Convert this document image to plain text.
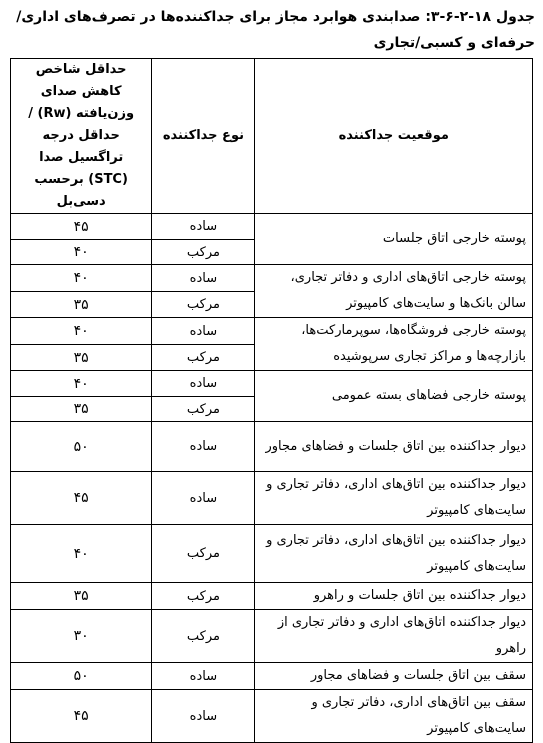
جدول ۱۸-۲-۶-۳: صدابندی هوابرد مجاز برای جداکننده‌ها در تصرف‌های اداری/حرفه‌ای و کسبی/تجاری
موقعیت جداکننده	نوع جداکننده	حداقل شاخص کاهش صدای وزن‌یافته (Rw) / حداقل درجه تراگسیل صدا (STC) برحسب دسی‌بل
پوسته خارجی اتاق جلسات	ساده	۴۵
	مرکب	۴۰
پوسته خارجی اتاق‌های اداری و دفاتر تجاری، سالن بانک‌ها و سایت‌های کامپیوتر	ساده	۴۰
	مرکب	۳۵
پوسته خارجی فروشگاه‌ها، سوپرمارکت‌ها، بازارچه‌ها و مراکز تجاری سرپوشیده	ساده	۴۰
	مرکب	۳۵
پوسته خارجی فضاهای بسته عمومی	ساده	۴۰
	مرکب	۳۵
دیوار جداکننده بین اتاق جلسات و فضاهای مجاور	ساده	۵۰
دیوار جداکننده بین اتاق‌های اداری، دفاتر تجاری و سایت‌های کامپیوتر	ساده	۴۵
دیوار جداکننده بین اتاق‌های اداری، دفاتر تجاری و سایت‌های کامپیوتر	مرکب	۴۰
دیوار جداکننده بین اتاق جلسات و راهرو	مرکب	۳۵
دیوار جداکننده اتاق‌های اداری و دفاتر تجاری از راهرو	مرکب	۳۰
سقف بین اتاق جلسات و فضاهای مجاور	ساده	۵۰
سقف بین اتاق‌های اداری، دفاتر تجاری و سایت‌های کامپیوتر	ساده	۴۵
